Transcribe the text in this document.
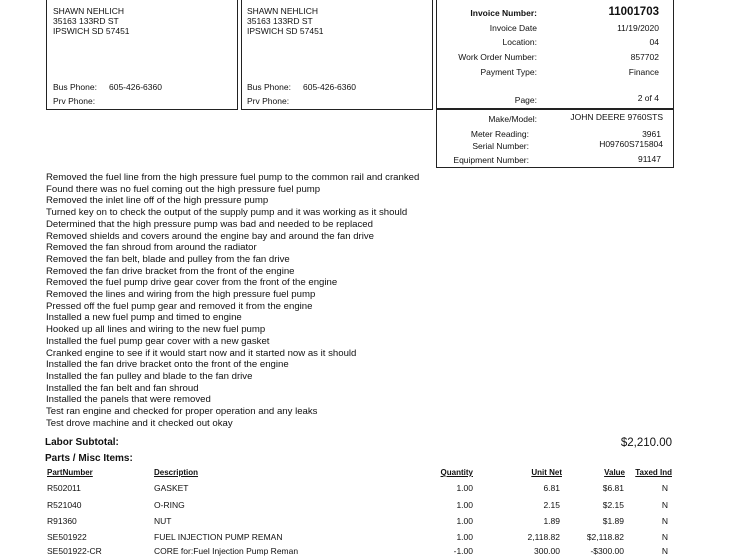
SHAWN NEHLICH
35163 133RD ST
IPSWICH SD 57451
Bus Phone: 605-426-6360
Prv Phone:
SHAWN NEHLICH
35163 133RD ST
IPSWICH SD 57451
Bus Phone: 605-426-6360
Prv Phone:
Invoice Number:	11001703
Invoice Date	11/19/2020
Location:	04
Work Order Number:	857702
Payment Type:	Finance
Page:	2 of 4
Make/Model:	JOHN DEERE 9760STS
Meter Reading:	3961
Serial Number:	H09760S715804
Equipment Number:	91147
Removed the fuel line from the high pressure fuel pump to the common rail and cranked
Found there was no fuel coming out the high pressure fuel pump
Removed the inlet line off of the high pressure pump
Turned key on to check the output of the supply pump and it was working as it should
Determined that the high pressure pump was bad and needed to be replaced
Removed shields and covers around the engine bay and around the fan drive
Removed the fan shroud from around the radiator
Removed the fan belt, blade and pulley from the fan drive
Removed the fan drive bracket from the front of the engine
Removed the fuel pump drive gear cover from the front of the engine
Removed the lines and wiring from the high pressure fuel pump
Pressed off the fuel pump gear and removed it from the engine
Installed a new fuel pump and timed to engine
Hooked up all lines and wiring to the new fuel pump
Installed the fuel pump gear cover with a new gasket
Cranked engine to see if it would start now and it started now as it should
Installed the fan drive bracket onto the front of the engine
Installed the fan pulley and blade to the fan drive
Installed the fan belt and fan shroud
Installed the panels that were removed
Test ran engine and checked for proper operation and any leaks
Test drove machine and it checked out okay
Labor Subtotal:	$2,210.00
Parts / Misc Items:
PartNumber	Description	Quantity	Unit Net	Value Taxed Ind
R502011	GASKET	1.00	6.81	$6.81	N
R521040	O-RING	1.00	2.15	$2.15	N
R91360	NUT	1.00	1.89	$1.89	N
SE501922	FUEL INJECTION PUMP REMAN	1.00	2,118.82	$2,118.82	N
SE501922-CR	CORE for:Fuel Injection Pump Reman	-1.00	300.00	-$300.00	N
